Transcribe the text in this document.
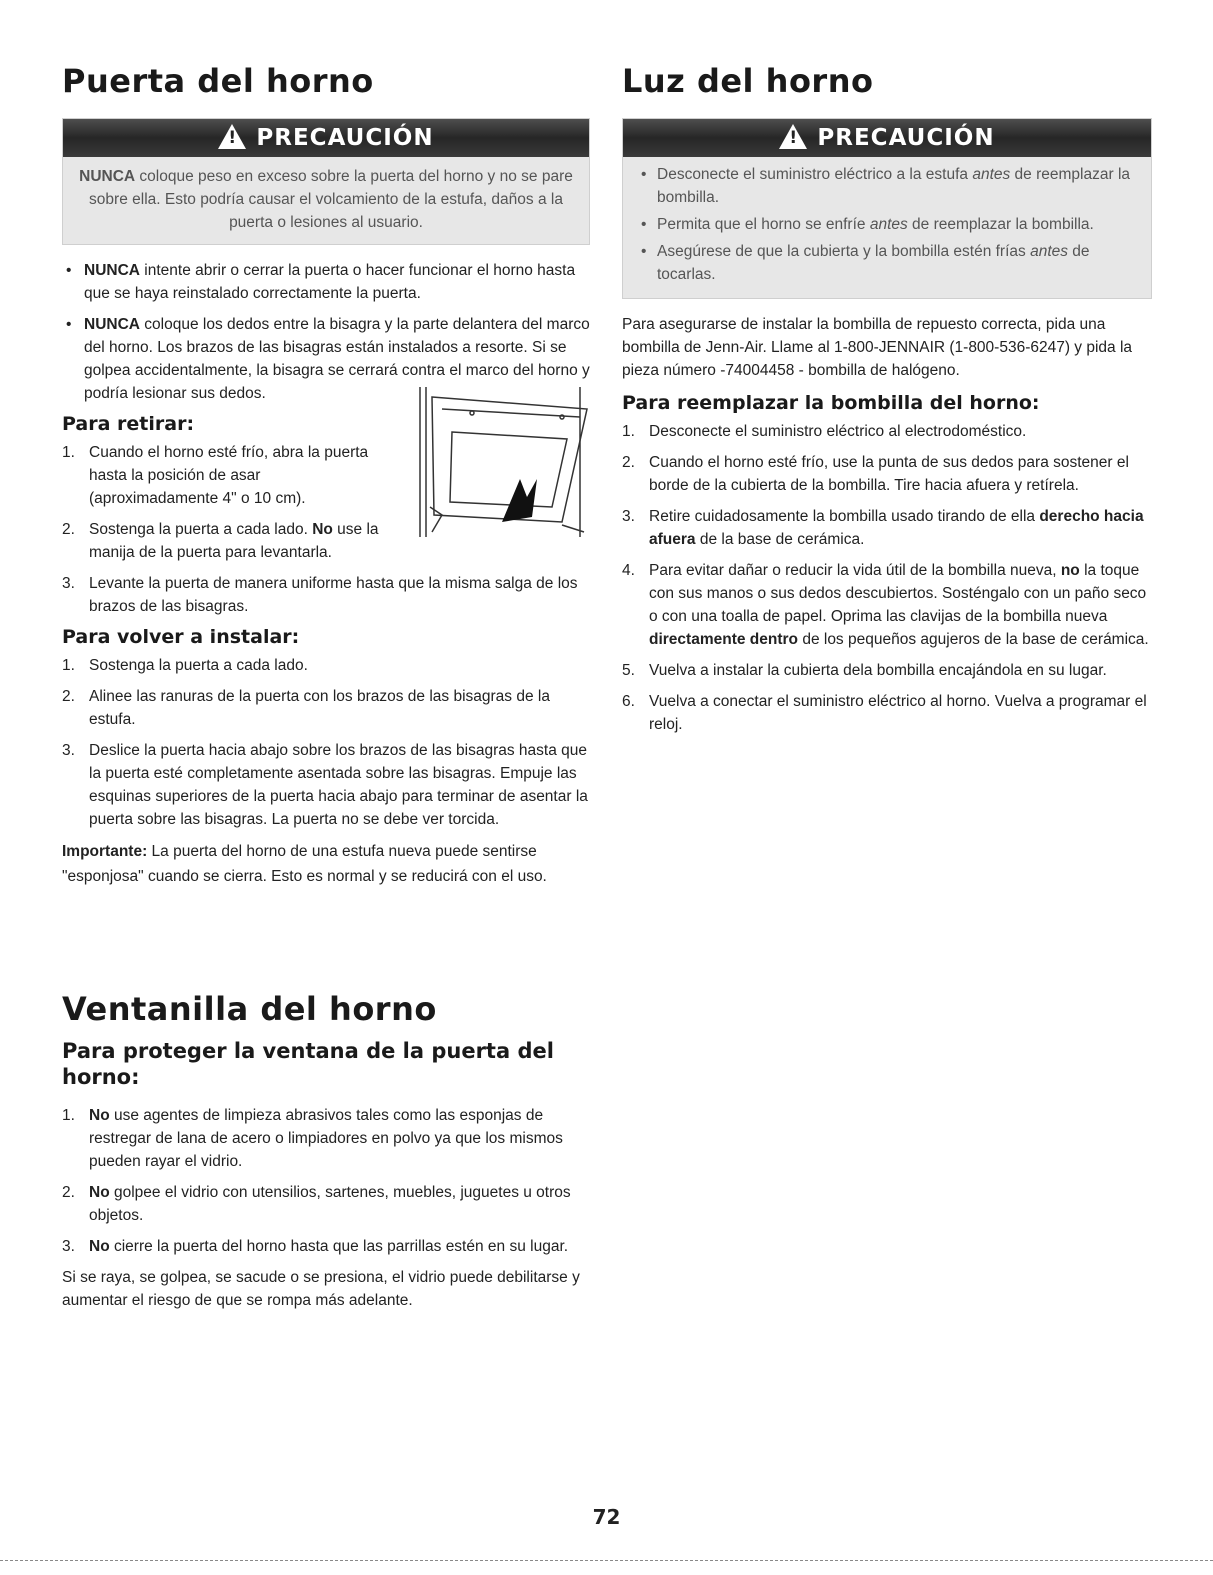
Puerta del horno
!PRECAUCIÓN
NUNCA coloque peso en exceso sobre la puerta del horno y no se pare sobre ella. Esto podría causar el volcamiento de la estufa, daños a la puerta o lesiones al usuario.
• NUNCA intente abrir o cerrar la puerta o hacer funcionar el horno hasta que se haya reinstalado correctamente la puerta.
• NUNCA coloque los dedos entre la bisagra y la parte delantera del marco del horno. Los brazos de las bisagras están instalados a resorte. Si se golpea accidentalmente, la bisagra se cerrará contra el marco del horno y podría lesionar sus dedos.
Para retirar:
1. Cuando el horno esté frío, abra la puerta hasta la posición de asar (aproximadamente 4" o 10 cm).
2. Sostenga la puerta a cada lado. No use la manija de la puerta para levantarla.
3. Levante la puerta de manera uniforme hasta que la misma salga de los brazos de las bisagras.
Para volver a instalar:
1. Sostenga la puerta a cada lado.
2. Alinee las ranuras de la puerta con los brazos de las bisagras de la estufa.
3. Deslice la puerta hacia abajo sobre los brazos de las bisagras hasta que la puerta esté completamente asentada sobre las bisagras. Empuje las esquinas superiores de la puerta hacia abajo para terminar de asentar la puerta sobre las bisagras. La puerta no se debe ver torcida.

Importante: La puerta del horno de una estufa nueva puede sentirse "esponjosa" cuando se cierra. Esto es normal y se reducirá con el uso.

Luz del horno
!PRECAUCIÓN
• Desconecte el suministro eléctrico a la estufa antes de reemplazar la bombilla.
• Permita que el horno se enfríe antes de reemplazar la bombilla.
• Asegúrese de que la cubierta y la bombilla estén frías antes de tocarlas.

Para asegurarse de instalar la bombilla de repuesto correcta, pida una bombilla de Jenn-Air. Llame al 1-800-JENNAIR (1-800-536-6247) y pida la pieza número -74004458 - bombilla de halógeno.

Para reemplazar la bombilla del horno:
1. Desconecte el suministro eléctrico al electrodoméstico.
2. Cuando el horno esté frío, use la punta de sus dedos para sostener el borde de la cubierta de la bombilla. Tire hacia afuera y retírela.
3. Retire cuidadosamente la bombilla usado tirando de ella derecho hacia afuera de la base de cerámica.
4. Para evitar dañar o reducir la vida útil de la bombilla nueva, no la toque con sus manos o sus dedos descubiertos. Sosténgalo con un paño seco o con una toalla de papel. Oprima las clavijas de la bombilla nueva directamente dentro de los pequeños agujeros de la base de cerámica.
5. Vuelva a instalar la cubierta dela bombilla encajándola en su lugar.
6. Vuelva a conectar el suministro eléctrico al horno. Vuelva a programar el reloj.
Ventanilla del horno
Para proteger la ventana de la puerta del horno:
1. No use agentes de limpieza abrasivos tales como las esponjas de restregar de lana de acero o limpiadores en polvo ya que los mismos pueden rayar el vidrio.
2. No golpee el vidrio con utensilios, sartenes, muebles, juguetes u otros objetos.
3. No cierre la puerta del horno hasta que las parrillas estén en su lugar.

Si se raya, se golpea, se sacude o se presiona, el vidrio puede debilitarse y aumentar el riesgo de que se rompa más adelante.

72
